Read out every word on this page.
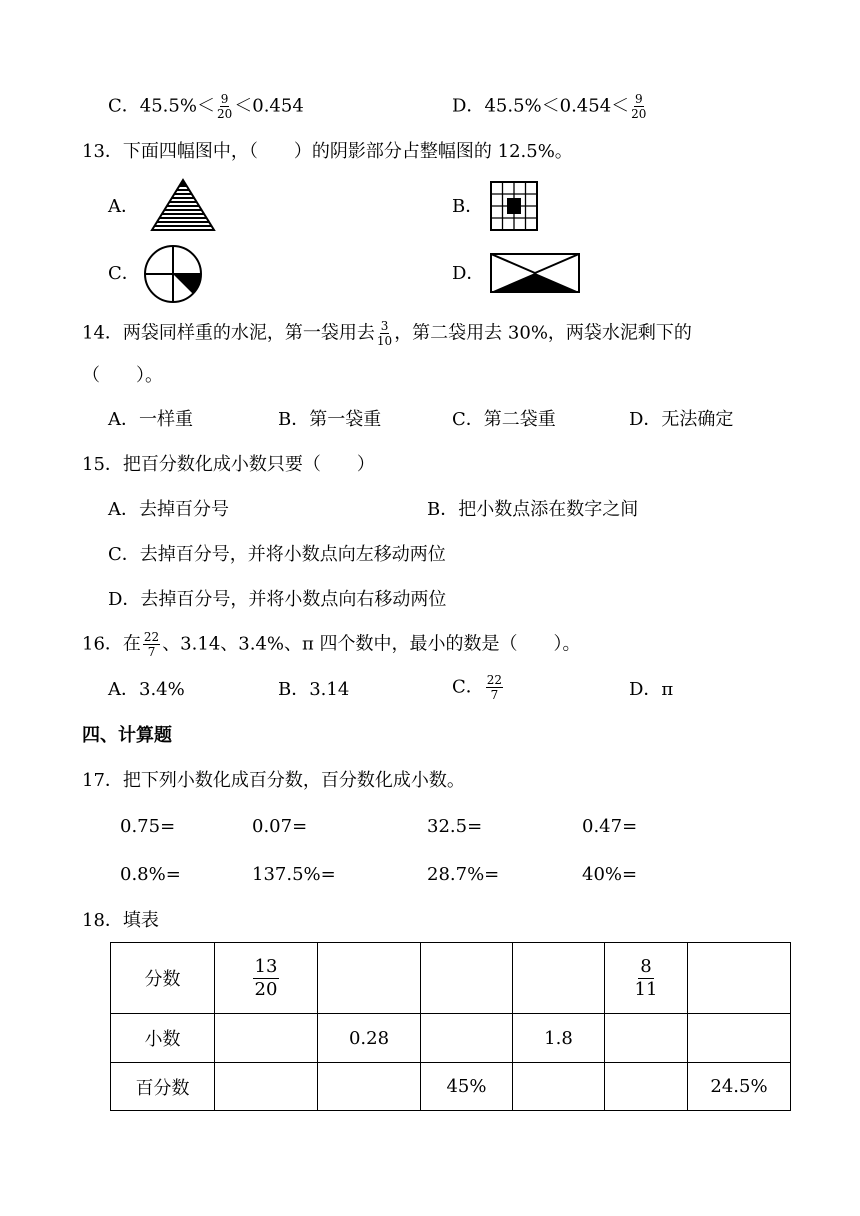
C．$45.5\%< \frac{9}{20} <0.454$	D．$45.5\%<0.454< \frac{9}{20}$
13．下面四幅图中，（　　）的阴影部分占整幅图的 12.5%。
A．	B．
C．	D．
14．两袋同样重的水泥，第一袋用去 $\frac{3}{10}$ ，第二袋用去 30%，两袋水泥剩下的
（　　）。
A．一样重	B．第一袋重	C．第二袋重	D．无法确定
15．把百分数化成小数只要（　　）
A．去掉百分号	B．把小数点添在数字之间
C．去掉百分号，并将小数点向左移动两位
D．去掉百分号，并将小数点向右移动两位
16．在 $\frac{22}{7}$ 、3.14、3.4%、π 四个数中，最小的数是（　　）。
A．3.4%	B．3.14	C． $\frac{22}{7}$	D．π
四、计算题
17．把下列小数化成百分数，百分数化成小数。
0.75=	0.07=	32.5=	0.47=
0.8%=	137.5%=	28.7%=	40%=
18．填表
分数	$\frac{13}{20}$				$\frac{8}{11}$

小数		0.28		1.8		
百分数			45%			24.5%
